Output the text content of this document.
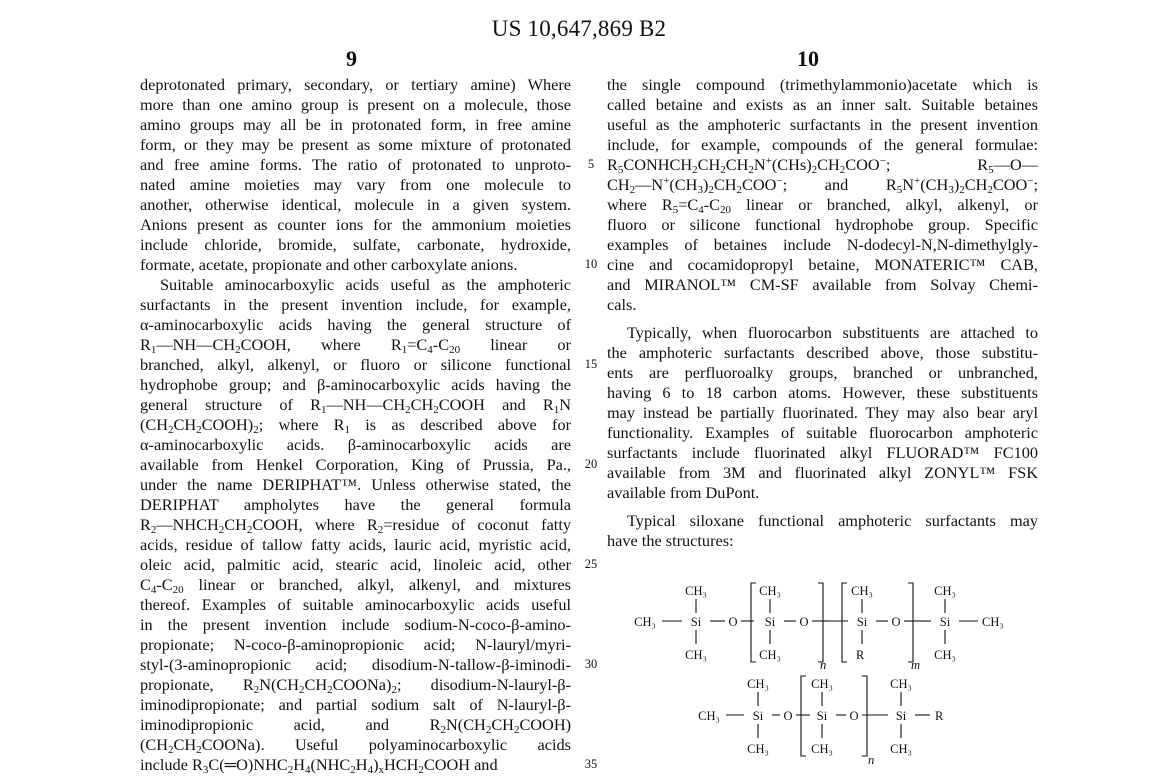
US 10,647,869 B2
9	10
deprotonated primary, secondary, or tertiary amine) Where
more than one amino group is present on a molecule, those
amino groups may all be in protonated form, in free amine
form, or they may be present as some mixture of protonated
and free amine forms. The ratio of protonated to unproto-
nated amine moieties may vary from one molecule to
another, otherwise identical, molecule in a given system.
Anions present as counter ions for the ammonium moieties
include chloride, bromide, sulfate, carbonate, hydroxide,
formate, acetate, propionate and other carboxylate anions.
Suitable aminocarboxylic acids useful as the amphoteric
surfactants in the present invention include, for example,
α-aminocarboxylic acids having the general structure of
$R_1—NH—CH_2COOH$, where $R_1=C_4-C_{20}$ linear or
branched, alkyl, alkenyl, or fluoro or silicone functional
hydrophobe group; and β-aminocarboxylic acids having the
general structure of $R_1—NH—CH_2CH_2COOH$ and $R_1N$
$(CH_2CH_2COOH)_2$; where $R_1$ is as described above for
α-aminocarboxylic acids. β-aminocarboxylic acids are
available from Henkel Corporation, King of Prussia, Pa.,
under the name DERIPHAT™. Unless otherwise stated, the
DERIPHAT ampholytes have the general formula
$R_2—NHCH_2CH_2COOH$, where $R_2=residue$ of coconut fatty
acids, residue of tallow fatty acids, lauric acid, myristic acid,
oleic acid, palmitic acid, stearic acid, linoleic acid, other
$C_4-C_{20}$ linear or branched, alkyl, alkenyl, and mixtures
thereof. Examples of suitable aminocarboxylic acids useful
in the present invention include sodium-N-coco-β-amino-
propionate; N-coco-β-aminopropionic acid; N-lauryl/myri-
styl-(3-aminopropionic acid; disodium-N-tallow-β-iminodi-
propionate, $R_2N(CH_2CH_2COONa)_2$; disodium-N-lauryl-β-
iminodipropionate; and partial sodium salt of N-lauryl-β-
iminodipropionic acid, and $R_2N(CH_2CH_2COOH)$
$(CH_2CH_2COONa)$. Useful polyaminocarboxylic acids
include $R_3C(═O)NHC_2H_4(NHC_2H_4)_xHCH_2COOH$ and
5
10
15
20
25
30
35
the single compound (trimethylammonio)acetate which is
called betaine and exists as an inner salt. Suitable betaines
useful as the amphoteric surfactants in the present invention
include, for example, compounds of the general formulae:
$R_5CONHCH_2CH_2CH_2N^+(CHs)_2CH_2COO^-$; $R_5—O—$
$CH_2—N^+(CH_3)_2CH_2COO^-$; and $R_5N^+(CH_3)_2CH_2COO^-$;
where $R_5=C_4-C_{20}$ linear or branched, alkyl, alkenyl, or
fluoro or silicone functional hydrophobe group. Specific
examples of betaines include N-dodecyl-N,N-dimethylgly-
cine and cocamidopropyl betaine, MONATERIC™ CAB,
and MIRANOL™ CM-SF available from Solvay Chemi-
cals.
Typically, when fluorocarbon substituents are attached to
the amphoteric surfactants described above, those substitu-
ents are perfluoroalky groups, branched or unbranched,
having 6 to 18 carbon atoms. However, these substituents
may instead be partially fluorinated. They may also bear aryl
functionality. Examples of suitable fluorocarbon amphoteric
surfactants include fluorinated alkyl FLUORAD™ FC100
available from 3M and fluorinated alkyl ZONYL™ FSK
available from DuPont.
Typical siloxane functional amphoteric surfactants may
have the structures:
CH₃
CH₃	Si O
CH₃
CH₃
Si O
CH₃
n
CH₃
Si O
R
m
CH₃
Si	CH₃
CH₃
CH₃
CH₃	Si O
CH₃
CH₃
Si O
CH₃
n
CH₃
Si R
CH₃
